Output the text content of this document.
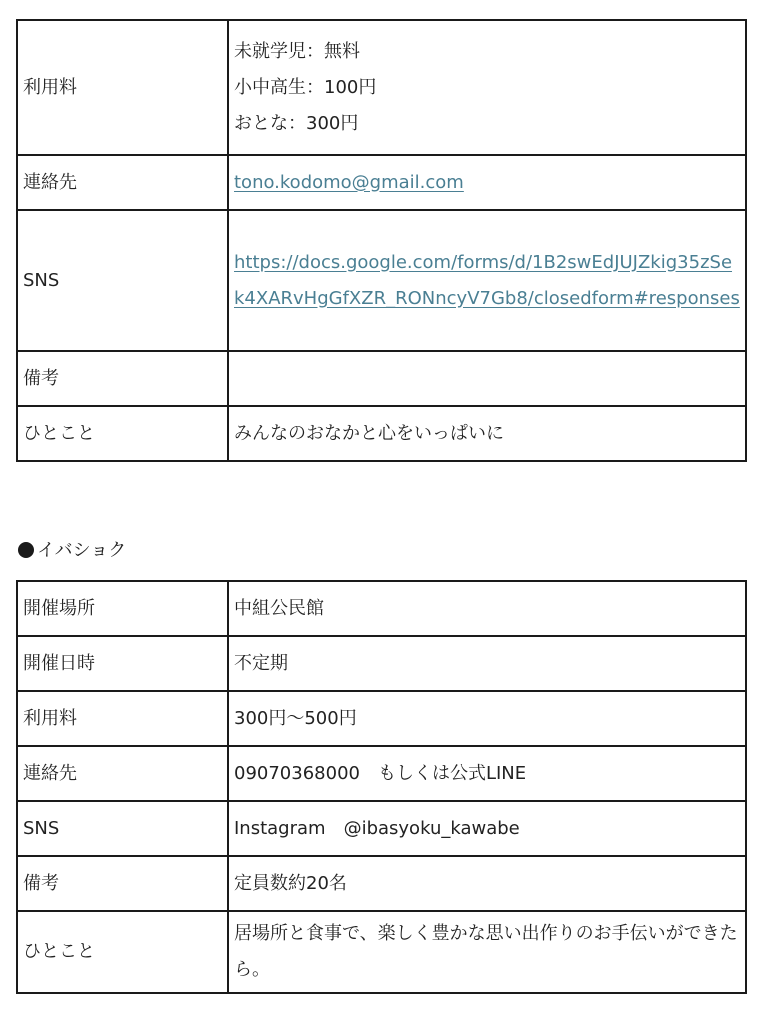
利用料	未就学児：無料
小中高生：100円
おとな：300円

連絡先	tono.kodomo@gmail.com
SNS	https://docs.google.com/forms/d/1B2swEdJUJZkig35zSek4XARvHgGfXZR_RONncyV7Gb8/closedform#responses
備考	
ひとこと	みんなのおなかと心をいっぱいに
イバショク
開催場所	中組公民館
開催日時	不定期
利用料	300円～500円
連絡先	09070368000　もしくは公式LINE
SNS	Instagram　@ibasyoku_kawabe
備考	定員数約20名
ひとこと	居場所と食事で、楽しく豊かな思い出作りのお手伝いができたら。
